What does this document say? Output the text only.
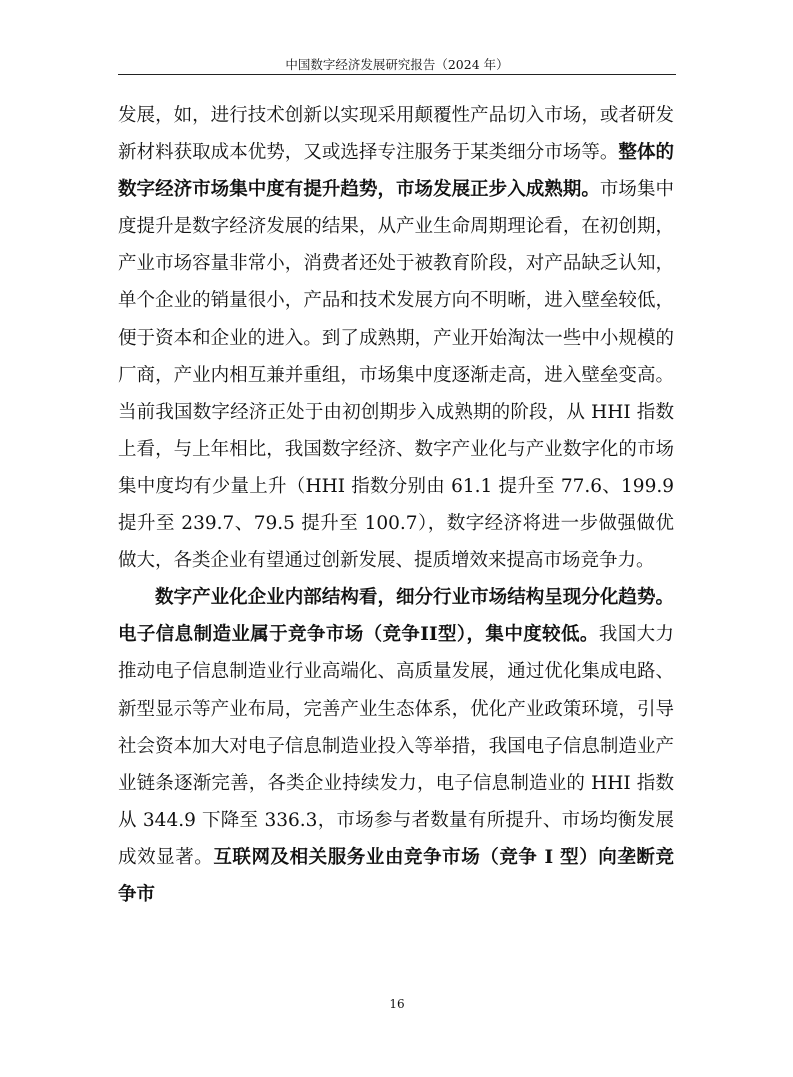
中国数字经济发展研究报告（2024 年）

发展，如，进行技术创新以实现采用颠覆性产品切入市场，或者研发新材料获取成本优势，又或选择专注服务于某类细分市场等。整体的数字经济市场集中度有提升趋势，市场发展正步入成熟期。市场集中度提升是数字经济发展的结果，从产业生命周期理论看，在初创期，产业市场容量非常小，消费者还处于被教育阶段，对产品缺乏认知，单个企业的销量很小，产品和技术发展方向不明晰，进入壁垒较低，便于资本和企业的进入。到了成熟期，产业开始淘汰一些中小规模的厂商，产业内相互兼并重组，市场集中度逐渐走高，进入壁垒变高。当前我国数字经济正处于由初创期步入成熟期的阶段，从 HHI 指数上看，与上年相比，我国数字经济、数字产业化与产业数字化的市场集中度均有少量上升（HHI 指数分别由 61.1 提升至 77.6、199.9 提升至 239.7、79.5 提升至 100.7），数字经济将进一步做强做优做大，各类企业有望通过创新发展、提质增效来提高市场竞争力。

数字产业化企业内部结构看，细分行业市场结构呈现分化趋势。电子信息制造业属于竞争市场（竞争II型），集中度较低。我国大力推动电子信息制造业行业高端化、高质量发展，通过优化集成电路、新型显示等产业布局，完善产业生态体系，优化产业政策环境，引导社会资本加大对电子信息制造业投入等举措，我国电子信息制造业产业链条逐渐完善，各类企业持续发力，电子信息制造业的 HHI 指数从 344.9 下降至 336.3，市场参与者数量有所提升、市场均衡发展成效显著。互联网及相关服务业由竞争市场（竞争 I 型）向垄断竞争市

16
